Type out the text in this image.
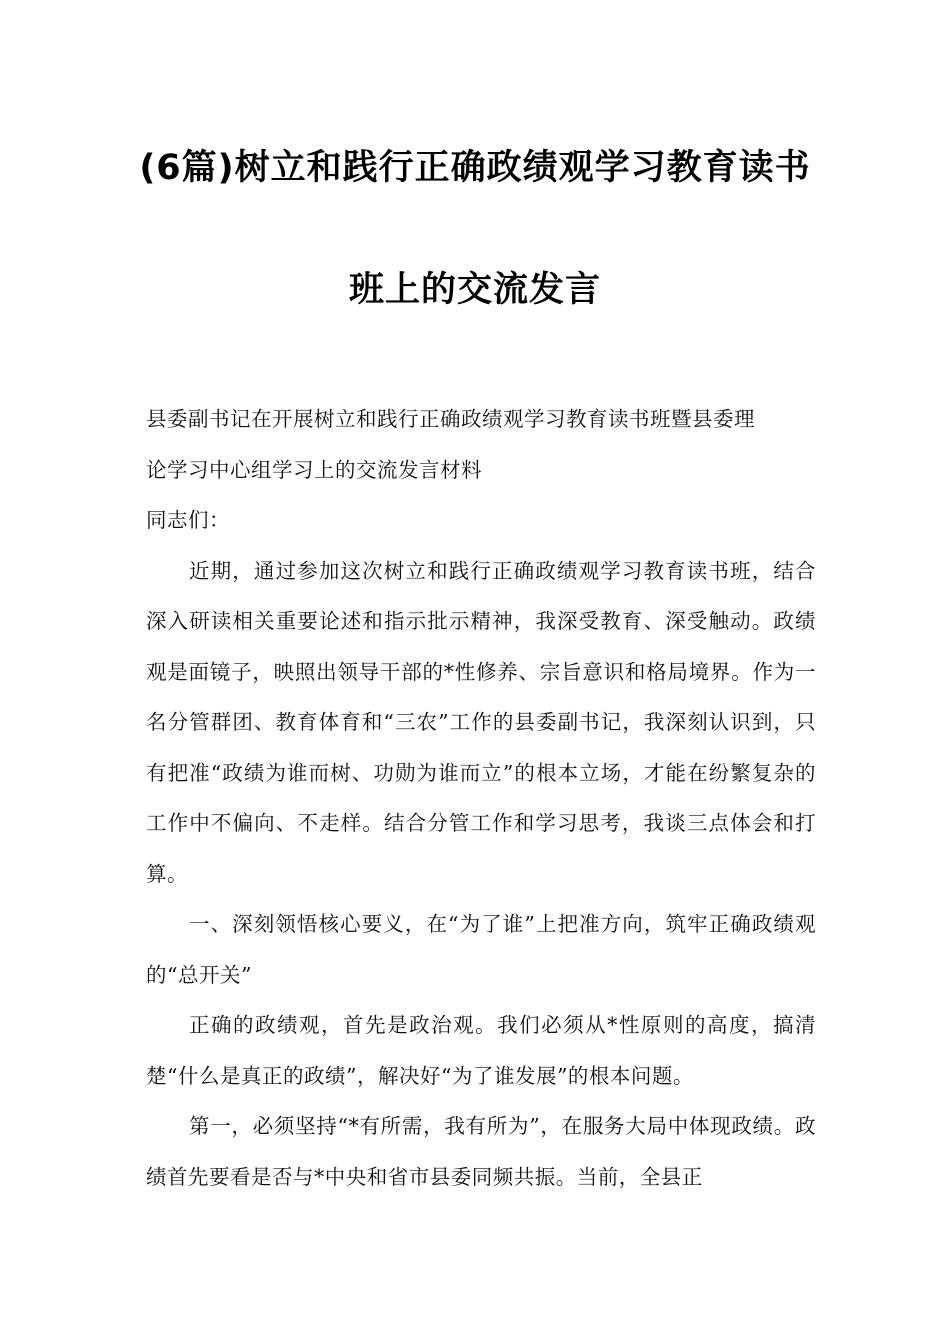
(6篇)树立和践行正确政绩观学习教育读书
班上的交流发言

县委副书记在开展树立和践行正确政绩观学习教育读书班暨县委理

论学习中心组学习上的交流发言材料

同志们：

近期，通过参加这次树立和践行正确政绩观学习教育读书班，结合深入研读相关重要论述和指示批示精神，我深受教育、深受触动。政绩观是面镜子，映照出领导干部的*性修养、宗旨意识和格局境界。作为一名分管群团、教育体育和“三农”工作的县委副书记，我深刻认识到，只有把准“政绩为谁而树、功勋为谁而立”的根本立场，才能在纷繁复杂的工作中不偏向、不走样。结合分管工作和学习思考，我谈三点体会和打算。

一、深刻领悟核心要义，在“为了谁”上把准方向，筑牢正确政绩观的“总开关”

正确的政绩观，首先是政治观。我们必须从*性原则的高度，搞清楚“什么是真正的政绩”，解决好“为了谁发展”的根本问题。

第一，必须坚持“*有所需，我有所为”，在服务大局中体现政绩。政绩首先要看是否与*中央和省市县委同频共振。当前，全县正
